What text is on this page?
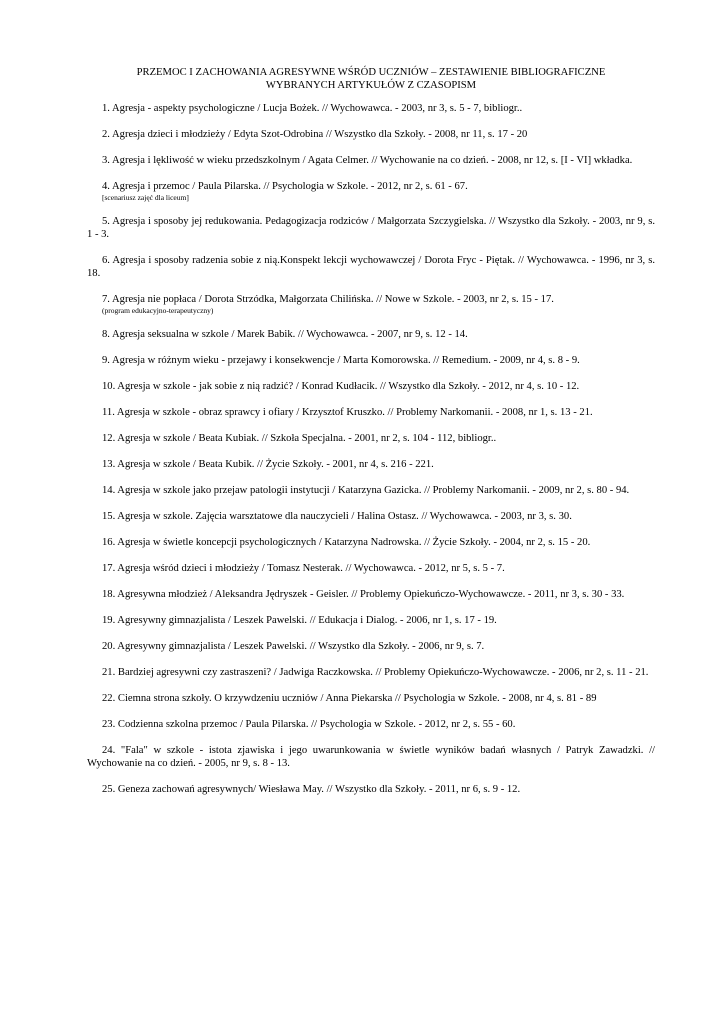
PRZEMOC I ZACHOWANIA AGRESYWNE WŚRÓD UCZNIÓW – ZESTAWIENIE BIBLIOGRAFICZNE
WYBRANYCH ARTYKUŁÓW Z CZASOPISM
1. Agresja - aspekty psychologiczne / Lucja Bożek. // Wychowawca. - 2003, nr 3, s. 5 - 7, bibliogr..
2. Agresja dzieci i młodzieży / Edyta Szot-Odrobina // Wszystko dla Szkoły. - 2008, nr 11, s. 17 - 20
3. Agresja i lękliwość w wieku przedszkolnym / Agata Celmer. // Wychowanie na co dzień. - 2008, nr 12, s. [I - VI] wkładka.
4. Agresja i przemoc / Paula Pilarska. // Psychologia w Szkole. - 2012, nr 2, s. 61 - 67.
[scenariusz zajęć dla liceum]
5. Agresja i sposoby jej redukowania. Pedagogizacja rodziców / Małgorzata Szczygielska. // Wszystko dla Szkoły. - 2003, nr 9, s. 1 - 3.
6. Agresja i sposoby radzenia sobie z nią.Konspekt lekcji wychowawczej / Dorota Fryc - Piętak. // Wychowawca. - 1996, nr 3, s. 18.
7. Agresja nie popłaca / Dorota Strzódka, Małgorzata Chilińska. // Nowe w Szkole. - 2003, nr 2, s. 15 - 17.
(program edukacyjno-terapeutyczny)
8. Agresja seksualna w szkole / Marek Babik. // Wychowawca. - 2007, nr 9, s. 12 - 14.
9. Agresja w różnym wieku - przejawy i konsekwencje / Marta Komorowska. // Remedium. - 2009, nr 4, s. 8 - 9.
10. Agresja w szkole - jak sobie z nią radzić? / Konrad Kudłacik. // Wszystko dla Szkoły. - 2012, nr 4, s. 10 - 12.
11. Agresja w szkole - obraz sprawcy i ofiary / Krzysztof Kruszko. // Problemy Narkomanii. - 2008, nr 1, s. 13 - 21.
12. Agresja w szkole / Beata Kubiak. // Szkoła Specjalna. - 2001, nr 2, s. 104 - 112, bibliogr..
13. Agresja w szkole / Beata Kubik. // Życie Szkoły. - 2001, nr 4, s. 216 - 221.
14. Agresja w szkole jako przejaw patologii instytucji / Katarzyna Gazicka. // Problemy Narkomanii. - 2009, nr 2, s. 80 - 94.
15. Agresja w szkole. Zajęcia warsztatowe dla nauczycieli / Halina Ostasz. // Wychowawca. - 2003, nr 3, s. 30.
16. Agresja w świetle koncepcji psychologicznych / Katarzyna Nadrowska. // Życie Szkoły. - 2004, nr 2, s. 15 - 20.
17. Agresja wśród dzieci i młodzieży / Tomasz Nesterak. // Wychowawca. - 2012, nr 5, s. 5 - 7.
18. Agresywna młodzież / Aleksandra Jędryszek - Geisler. // Problemy Opiekuńczo-Wychowawcze. - 2011, nr 3, s. 30 - 33.
19. Agresywny gimnazjalista / Leszek Pawelski. // Edukacja i Dialog. - 2006, nr 1, s. 17 - 19.
20. Agresywny gimnazjalista / Leszek Pawelski. // Wszystko dla Szkoły. - 2006, nr 9, s. 7.
21. Bardziej agresywni czy zastraszeni? / Jadwiga Raczkowska. // Problemy Opiekuńczo-Wychowawcze. - 2006, nr 2, s. 11 - 21.
22. Ciemna strona szkoły. O krzywdzeniu uczniów / Anna Piekarska // Psychologia w Szkole. - 2008, nr 4, s. 81 - 89
23. Codzienna szkolna przemoc / Paula Pilarska. // Psychologia w Szkole. - 2012, nr 2, s. 55 - 60.
24. "Fala" w szkole - istota zjawiska i jego uwarunkowania w świetle wyników badań własnych / Patryk Zawadzki. // Wychowanie na co dzień. - 2005, nr 9, s. 8 - 13.
25. Geneza zachowań agresywnych/ Wiesława May. // Wszystko dla Szkoły. - 2011, nr 6, s. 9 - 12.
